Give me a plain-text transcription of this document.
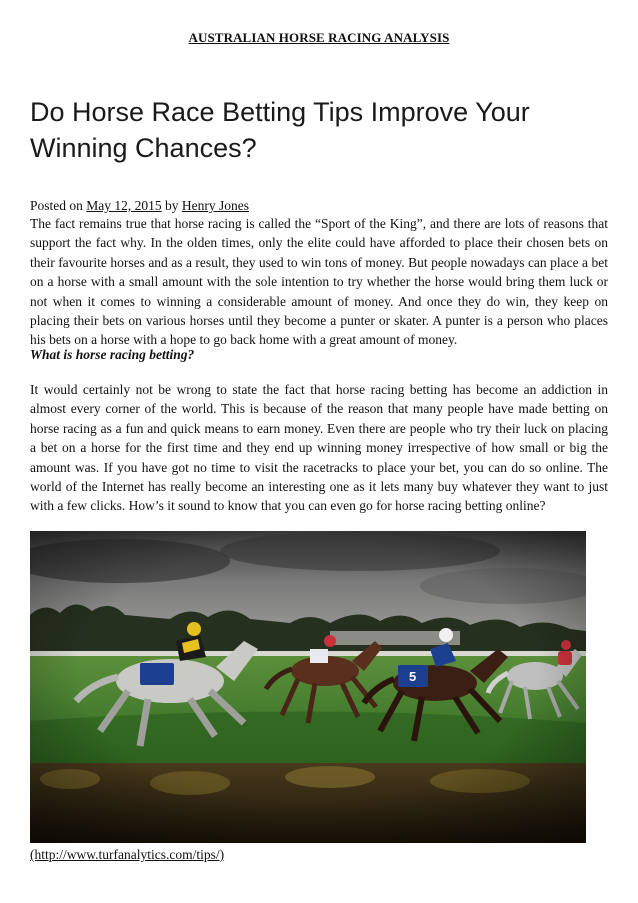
AUSTRALIAN HORSE RACING ANALYSIS
Do Horse Race Betting Tips Improve Your Winning Chances?
Posted on May 12, 2015 by Henry Jones

The fact remains true that horse racing is called the “Sport of the King”, and there are lots of reasons that support the fact why. In the olden times, only the elite could have afforded to place their chosen bets on their favourite horses and as a result, they used to win tons of money. But people nowadays can place a bet on a horse with a small amount with the sole intention to try whether the horse would bring them luck or not when it comes to winning a considerable amount of money. And once they do win, they keep on placing their bets on various horses until they become a punter or skater. A punter is a person who places his bets on a horse with a hope to go back home with a great amount of money.

What is horse racing betting?

It would certainly not be wrong to state the fact that horse racing betting has become an addiction in almost every corner of the world. This is because of the reason that many people have made betting on horse racing as a fun and quick means to earn money. Even there are people who try their luck on placing a bet on a horse for the first time and they end up winning money irrespective of how small or big the amount was. If you have got no time to visit the racetracks to place your bet, you can do so online. The world of the Internet has really become an interesting one as it lets many buy whatever they want to just with a few clicks. How’s it sound to know that you can even go for horse racing betting online?

(http://www.turfanalytics.com/tips/)
